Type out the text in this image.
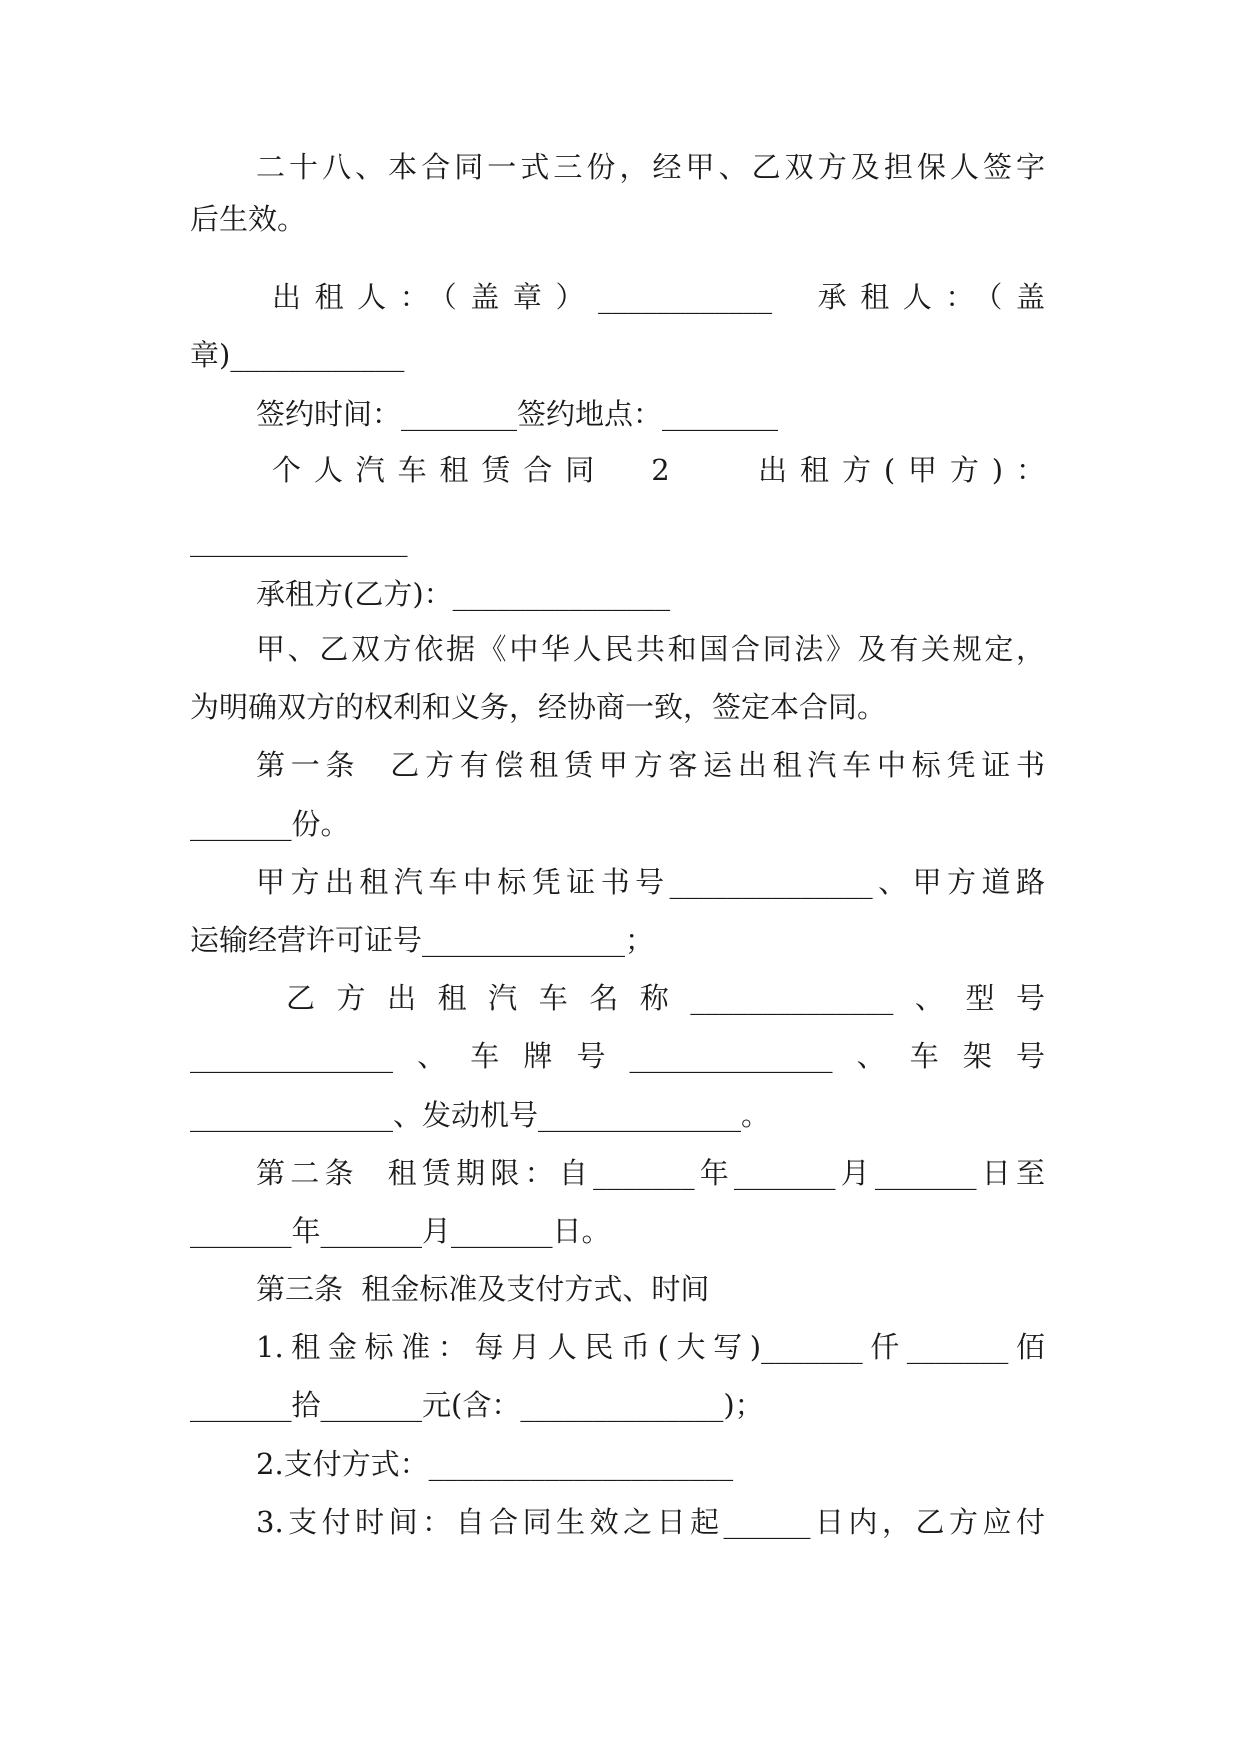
二十八、本合同一式三份，经甲、乙双方及担保人签字
后生效。
出租人：（盖章）____________  承租人：（盖
章)____________
签约时间：________签约地点：________
个人汽车租赁合同  2    出租方(甲方)：
_______________
承租方(乙方)：_______________
甲、乙双方依据《中华人民共和国合同法》及有关规定，
为明确双方的权利和义务，经协商一致，签定本合同。
第一条  乙方有偿租赁甲方客运出租汽车中标凭证书
_______份。
甲方出租汽车中标凭证书号______________、甲方道路
运输经营许可证号______________；
乙方出租汽车名称______________、型号
______________、车牌号______________、车架号
______________、发动机号______________。
第二条  租赁期限：自_______年_______月_______日至
_______年_______月_______日。
第三条  租金标准及支付方式、时间
1.租金标准：每月人民币(大写)_______仟_______佰
_______拾_______元(含：______________)；
2.支付方式：_____________________
3.支付时间：自合同生效之日起______日内，乙方应付
